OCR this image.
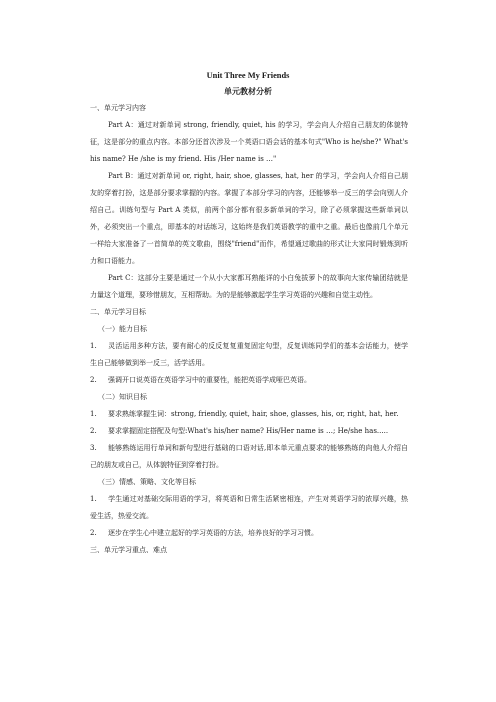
Unit Three My Friends
单元教材分析

一、单元学习内容

Part A：通过对新单词 strong, friendly, quiet, his 的学习，学会向人介绍自己朋友的体貌特征，这是部分的重点内容。本部分还首次涉及一个英语口语会话的基本句式"Who is he/she?" What's his name? He /she is my friend. His /Her name is …"

Part B：通过对新单词 or, right, hair, shoe, glasses, hat, her 的学习，学会向人介绍自己朋友的穿着打扮，这是部分要求掌握的内容。掌握了本部分学习的内容，还能够举一反三的学会向别人介绍自己。训练句型与 Part A 类似，前两个部分都有很多新单词的学习，除了必须掌握这些新单词以外，必须突出一个重点，即基本的对话练习，这始终是我们英语教学的重中之重。最后也像前几个单元一样给大家准备了一首简单的英文歌曲，围绕"friend"而作，希望通过歌曲的形式让大家同时锻炼到听力和口语能力。

Part C：这部分主要是通过一个从小大家都耳熟能详的小白兔拔萝卜的故事向大家传输团结就是力量这个道理，要珍惜朋友，互相帮助。为的是能够激起学生学习英语的兴趣和自觉主动性。

二、单元学习目标

（一）能力目标

1. 灵活运用多种方法，要有耐心的反反复复重复固定句型，反复训练同学们的基本会话能力，使学生自己能够做到举一反三，活学活用。

2. 强调开口说英语在英语学习中的重要性，能把英语学成哑巴英语。

（二）知识目标

1. 要求熟练掌握生词：strong, friendly, quiet, hair, shoe, glasses, his, or, right, hat, her.

2. 要求掌握固定搭配及句型:What's his/her name? His/Her name is …; He/she has.....

3. 能够熟练运用行单词和新句型进行基础的口语对话,即本单元重点要求的能够熟练的向他人介绍自己的朋友或自己，从体貌特征到穿着打扮。

（三）情感、策略、文化等目标

1. 学生通过对基础交际用语的学习，将英语和日常生活紧密相连，产生对英语学习的浓厚兴趣，热爱生活，热爱交流。

2. 逐步在学生心中建立起好的学习英语的方法，培养良好的学习习惯。

三、单元学习重点、难点
